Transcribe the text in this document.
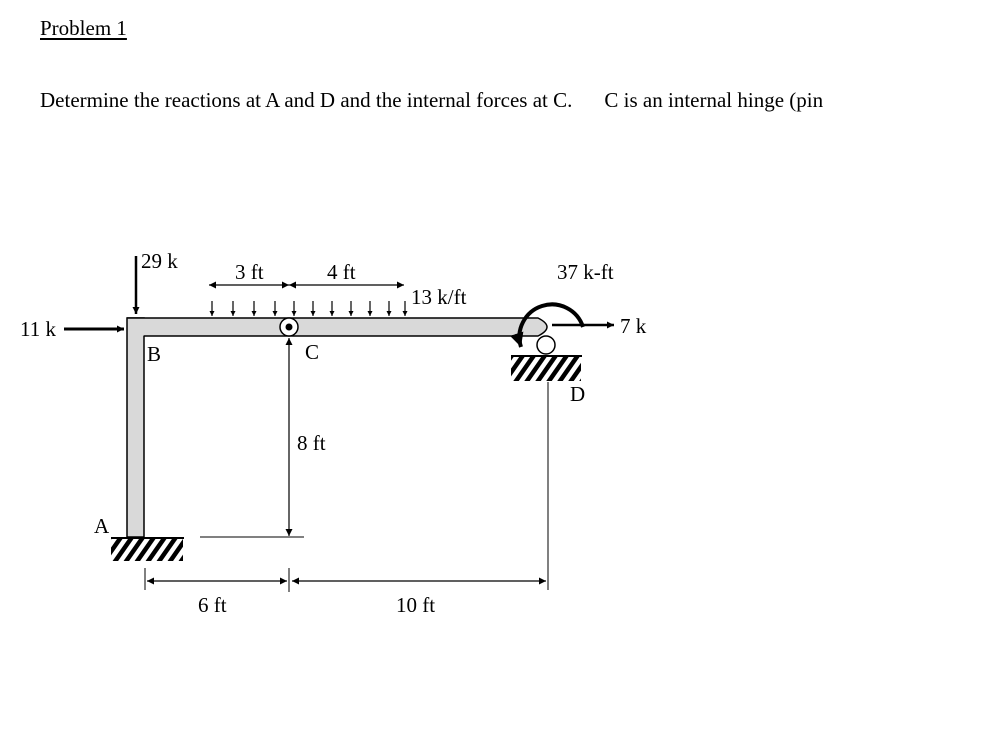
Problem 1

Determine the reactions at A and D and the internal forces at C. C is an internal hinge (pin

29 k
11 k
13 k/ft
3 ft	4 ft
8 ft
6 ft	10 ft
37 k-ft
7 k
A
B	C
D
